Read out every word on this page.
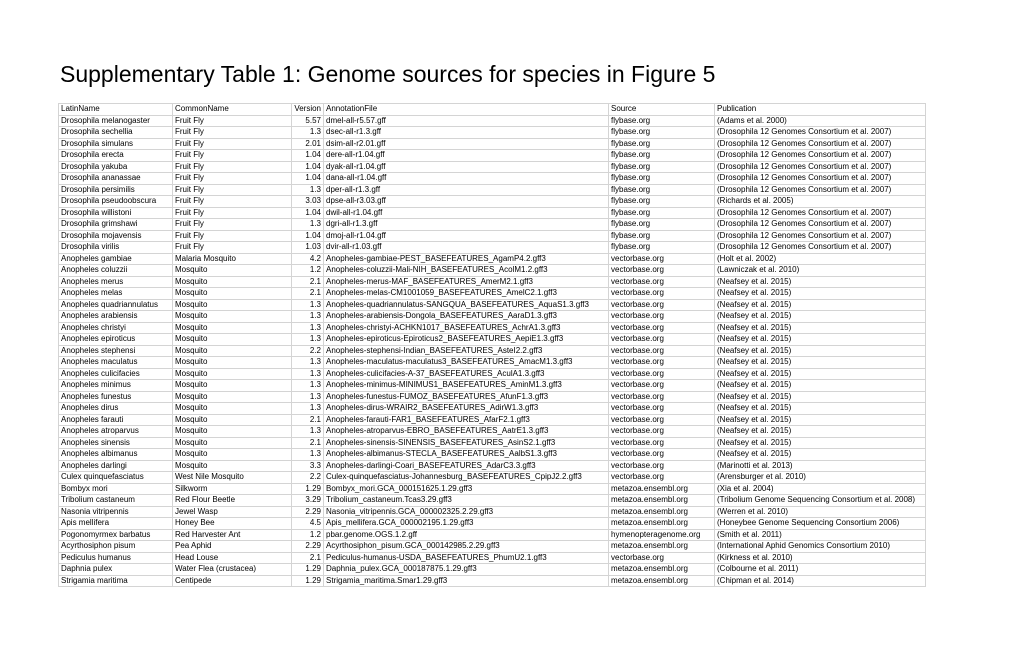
Supplementary Table 1: Genome sources for species in Figure 5
LatinName	CommonName	Version	AnnotationFile	Source	Publication
Drosophila melanogaster	Fruit Fly	5.57	dmel-all-r5.57.gff	flybase.org	(Adams et al. 2000)
Drosophila sechellia	Fruit Fly	1.3	dsec-all-r1.3.gff	flybase.org	(Drosophila 12 Genomes Consortium et al. 2007)
Drosophila simulans	Fruit Fly	2.01	dsim-all-r2.01.gff	flybase.org	(Drosophila 12 Genomes Consortium et al. 2007)
Drosophila erecta	Fruit Fly	1.04	dere-all-r1.04.gff	flybase.org	(Drosophila 12 Genomes Consortium et al. 2007)
Drosophila yakuba	Fruit Fly	1.04	dyak-all-r1.04.gff	flybase.org	(Drosophila 12 Genomes Consortium et al. 2007)
Drosophila ananassae	Fruit Fly	1.04	dana-all-r1.04.gff	flybase.org	(Drosophila 12 Genomes Consortium et al. 2007)
Drosophila persimilis	Fruit Fly	1.3	dper-all-r1.3.gff	flybase.org	(Drosophila 12 Genomes Consortium et al. 2007)
Drosophila pseudoobscura	Fruit Fly	3.03	dpse-all-r3.03.gff	flybase.org	(Richards et al. 2005)
Drosophila willistoni	Fruit Fly	1.04	dwil-all-r1.04.gff	flybase.org	(Drosophila 12 Genomes Consortium et al. 2007)
Drosophila grimshawi	Fruit Fly	1.3	dgri-all-r1.3.gff	flybase.org	(Drosophila 12 Genomes Consortium et al. 2007)
Drosophila mojavensis	Fruit Fly	1.04	dmoj-all-r1.04.gff	flybase.org	(Drosophila 12 Genomes Consortium et al. 2007)
Drosophila virilis	Fruit Fly	1.03	dvir-all-r1.03.gff	flybase.org	(Drosophila 12 Genomes Consortium et al. 2007)
Anopheles gambiae	Malaria Mosquito	4.2	Anopheles-gambiae-PEST_BASEFEATURES_AgamP4.2.gff3	vectorbase.org	(Holt et al. 2002)
Anopheles coluzzii	Mosquito	1.2	Anopheles-coluzzii-Mali-NIH_BASEFEATURES_AcolM1.2.gff3	vectorbase.org	(Lawniczak et al. 2010)
Anopheles merus	Mosquito	2.1	Anopheles-merus-MAF_BASEFEATURES_AmerM2.1.gff3	vectorbase.org	(Neafsey et al. 2015)
Anopheles melas	Mosquito	2.1	Anopheles-melas-CM1001059_BASEFEATURES_AmelC2.1.gff3	vectorbase.org	(Neafsey et al. 2015)
Anopheles quadriannulatus	Mosquito	1.3	Anopheles-quadriannulatus-SANGQUA_BASEFEATURES_AquaS1.3.gff3	vectorbase.org	(Neafsey et al. 2015)
Anopheles arabiensis	Mosquito	1.3	Anopheles-arabiensis-Dongola_BASEFEATURES_AaraD1.3.gff3	vectorbase.org	(Neafsey et al. 2015)
Anopheles christyi	Mosquito	1.3	Anopheles-christyi-ACHKN1017_BASEFEATURES_AchrA1.3.gff3	vectorbase.org	(Neafsey et al. 2015)
Anopheles epiroticus	Mosquito	1.3	Anopheles-epiroticus-Epiroticus2_BASEFEATURES_AepiE1.3.gff3	vectorbase.org	(Neafsey et al. 2015)
Anopheles stephensi	Mosquito	2.2	Anopheles-stephensi-Indian_BASEFEATURES_AsteI2.2.gff3	vectorbase.org	(Neafsey et al. 2015)
Anopheles maculatus	Mosquito	1.3	Anopheles-maculatus-maculatus3_BASEFEATURES_AmacM1.3.gff3	vectorbase.org	(Neafsey et al. 2015)
Anopheles culicifacies	Mosquito	1.3	Anopheles-culicifacies-A-37_BASEFEATURES_AculA1.3.gff3	vectorbase.org	(Neafsey et al. 2015)
Anopheles minimus	Mosquito	1.3	Anopheles-minimus-MINIMUS1_BASEFEATURES_AminM1.3.gff3	vectorbase.org	(Neafsey et al. 2015)
Anopheles funestus	Mosquito	1.3	Anopheles-funestus-FUMOZ_BASEFEATURES_AfunF1.3.gff3	vectorbase.org	(Neafsey et al. 2015)
Anopheles dirus	Mosquito	1.3	Anopheles-dirus-WRAIR2_BASEFEATURES_AdirW1.3.gff3	vectorbase.org	(Neafsey et al. 2015)
Anopheles farauti	Mosquito	2.1	Anopheles-farauti-FAR1_BASEFEATURES_AfarF2.1.gff3	vectorbase.org	(Neafsey et al. 2015)
Anopheles atroparvus	Mosquito	1.3	Anopheles-atroparvus-EBRO_BASEFEATURES_AatrE1.3.gff3	vectorbase.org	(Neafsey et al. 2015)
Anopheles sinensis	Mosquito	2.1	Anopheles-sinensis-SINENSIS_BASEFEATURES_AsinS2.1.gff3	vectorbase.org	(Neafsey et al. 2015)
Anopheles albimanus	Mosquito	1.3	Anopheles-albimanus-STECLA_BASEFEATURES_AalbS1.3.gff3	vectorbase.org	(Neafsey et al. 2015)
Anopheles darlingi	Mosquito	3.3	Anopheles-darlingi-Coari_BASEFEATURES_AdarC3.3.gff3	vectorbase.org	(Marinotti et al. 2013)
Culex quinquefasciatus	West Nile Mosquito	2.2	Culex-quinquefasciatus-Johannesburg_BASEFEATURES_CpipJ2.2.gff3	vectorbase.org	(Arensburger et al. 2010)
Bombyx mori	Silkworm	1.29	Bombyx_mori.GCA_000151625.1.29.gff3	metazoa.ensembl.org	(Xia et al. 2004)
Tribolium castaneum	Red Flour Beetle	3.29	Tribolium_castaneum.Tcas3.29.gff3	metazoa.ensembl.org	(Tribolium Genome Sequencing Consortium et al. 2008)
Nasonia vitripennis	Jewel Wasp	2.29	Nasonia_vitripennis.GCA_000002325.2.29.gff3	metazoa.ensembl.org	(Werren et al. 2010)
Apis mellifera	Honey Bee	4.5	Apis_mellifera.GCA_000002195.1.29.gff3	metazoa.ensembl.org	(Honeybee Genome Sequencing Consortium 2006)
Pogonomyrmex barbatus	Red Harvester Ant	1.2	pbar.genome.OGS.1.2.gff	hymenopteragenome.org	(Smith et al. 2011)
Acyrthosiphon pisum	Pea Aphid	2.29	Acyrthosiphon_pisum.GCA_000142985.2.29.gff3	metazoa.ensembl.org	(International Aphid Genomics Consortium 2010)
Pediculus humanus	Head Louse	2.1	Pediculus-humanus-USDA_BASEFEATURES_PhumU2.1.gff3	vectorbase.org	(Kirkness et al. 2010)
Daphnia pulex	Water Flea (crustacea)	1.29	Daphnia_pulex.GCA_000187875.1.29.gff3	metazoa.ensembl.org	(Colbourne et al. 2011)
Strigamia maritima	Centipede	1.29	Strigamia_maritima.Smar1.29.gff3	metazoa.ensembl.org	(Chipman et al. 2014)
